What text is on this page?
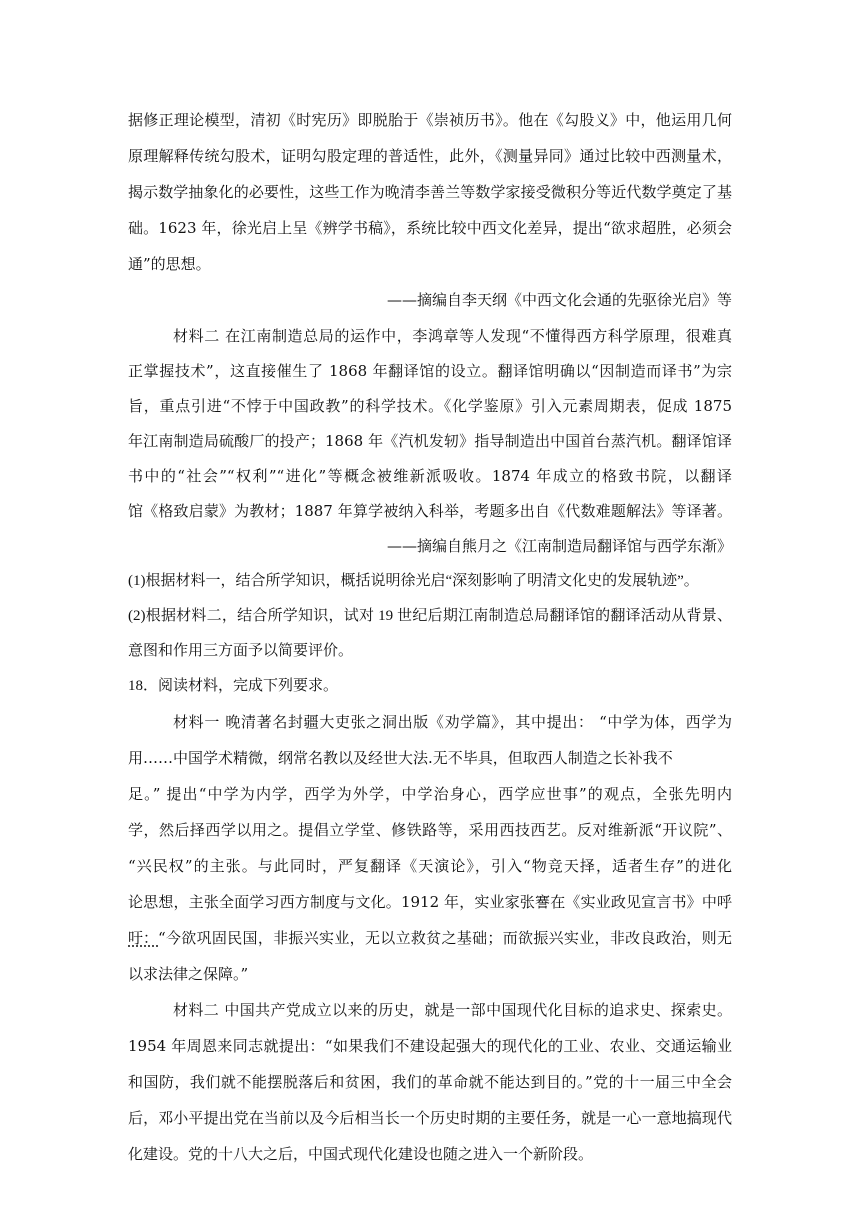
据修正理论模型，清初《时宪历》即脱胎于《崇祯历书》。他在《勾股义》中，他运用几何
原理解释传统勾股术，证明勾股定理的普适性，此外，《测量异同》通过比较中西测量术，
揭示数学抽象化的必要性，这些工作为晚清李善兰等数学家接受微积分等近代数学奠定了基
础。1623 年，徐光启上呈《辨学书稿》，系统比较中西文化差异，提出“欲求超胜，必须会
通”的思想。
——摘编自李天纲《中西文化会通的先驱徐光启》等
材料二 在江南制造总局的运作中，李鸿章等人发现“不懂得西方科学原理，很难真
正掌握技术”，这直接催生了 1868 年翻译馆的设立。翻译馆明确以“因制造而译书”为宗
旨，重点引进“不悖于中国政教”的科学技术。《化学鉴原》引入元素周期表，促成 1875
年江南制造局硫酸厂的投产；1868 年《汽机发轫》指导制造出中国首台蒸汽机。翻译馆译
书中的“社会”“权利”“进化”等概念被维新派吸收。1874 年成立的格致书院，以翻译
馆《格致启蒙》为教材；1887 年算学被纳入科举，考题多出自《代数难题解法》等译著。
——摘编自熊月之《江南制造局翻译馆与西学东渐》
(1)根据材料一，结合所学知识，概括说明徐光启“深刻影响了明清文化史的发展轨迹”。
(2)根据材料二，结合所学知识，试对 19 世纪后期江南制造总局翻译馆的翻译活动从背景、
意图和作用三方面予以简要评价。
18．阅读材料，完成下列要求。
材料一 晚清著名封疆大吏张之洞出版《劝学篇》，其中提出： “中学为体，西学为
用……中国学术精微，纲常名教以及经世大法.无不毕具，但取西人制造之长补我不
足。” 提出“中学为内学，西学为外学，中学治身心，西学应世事”的观点，全张先明内
学，然后择西学以用之。提倡立学堂、修铁路等，采用西技西艺。反对维新派“开议院”、
“兴民权”的主张。与此同时，严复翻译《天演论》，引入“物竞天择，适者生存”的进化
论思想，主张全面学习西方制度与文化。1912 年，实业家张謇在《实业政见宣言书》中呼
吁： “今欲巩固民国，非振兴实业，无以立救贫之基础；而欲振兴实业，非改良政治，则无
以求法律之保障。”
材料二 中国共产党成立以来的历史，就是一部中国现代化目标的追求史、探索史。
1954 年周恩来同志就提出：“如果我们不建设起强大的现代化的工业、农业、交通运输业
和国防，我们就不能摆脱落后和贫困，我们的革命就不能达到目的。”党的十一届三中全会
后，邓小平提出党在当前以及今后相当长一个历史时期的主要任务，就是一心一意地搞现代
化建设。党的十八大之后，中国式现代化建设也随之进入一个新阶段。
